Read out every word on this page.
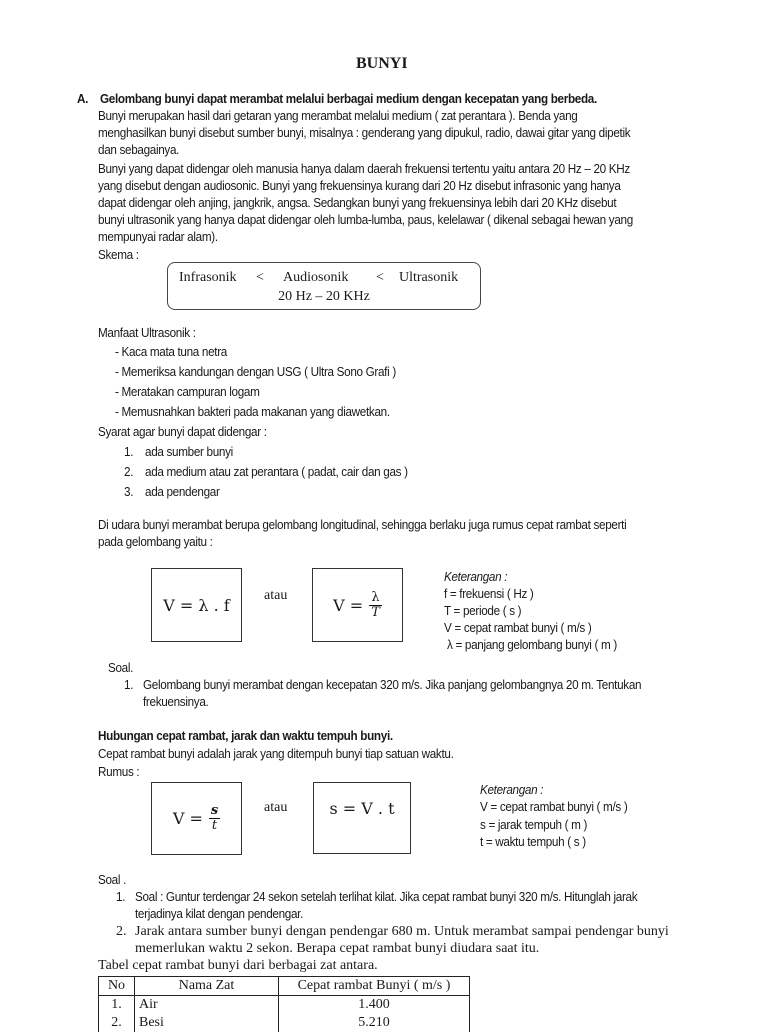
BUNYI
A. Gelombang bunyi dapat merambat melalui berbagai medium dengan kecepatan yang berbeda.
Bunyi merupakan hasil dari getaran yang merambat melalui medium ( zat perantara ). Benda yang
menghasilkan bunyi disebut sumber bunyi, misalnya : genderang yang dipukul, radio, dawai gitar yang dipetik
dan sebagainya.
Bunyi yang dapat didengar oleh manusia hanya dalam daerah frekuensi tertentu yaitu antara 20 Hz – 20 KHz
yang disebut dengan audiosonic. Bunyi yang frekuensinya kurang dari 20 Hz disebut infrasonic yang hanya
dapat didengar oleh anjing, jangkrik, angsa. Sedangkan bunyi yang frekuensinya lebih dari 20 KHz disebut
bunyi ultrasonik yang hanya dapat didengar oleh lumba-lumba, paus, kelelawar ( dikenal sebagai hewan yang
mempunyai radar alam).
Skema :
Infrasonik < Audiosonik < Ultrasonik
20 Hz – 20 KHz
Manfaat Ultrasonik :
- Kaca mata tuna netra
- Memeriksa kandungan dengan USG ( Ultra Sono Grafi )
- Meratakan campuran logam
- Memusnahkan bakteri pada makanan yang diawetkan.
Syarat agar bunyi dapat didengar :
1. ada sumber bunyi
2. ada medium atau zat perantara ( padat, cair dan gas )
3. ada pendengar
Di udara bunyi merambat berupa gelombang longitudinal, sehingga berlaku juga rumus cepat rambat seperti
pada gelombang yaitu :
V = λ . f	atau	$V = \frac{\lambda}{T}$
Keterangan :
f = frekuensi ( Hz )
T = periode ( s )
V = cepat rambat bunyi ( m/s )
λ = panjang gelombang bunyi ( m )
Soal.
1. Gelombang bunyi merambat dengan kecepatan 320 m/s. Jika panjang gelombangnya 20 m. Tentukan
frekuensinya.
Hubungan cepat rambat, jarak dan waktu tempuh bunyi.
Cepat rambat bunyi adalah jarak yang ditempuh bunyi tiap satuan waktu.
Rumus :
$V = \frac{s}{t}$	atau	s = V . t
Keterangan :
V = cepat rambat bunyi ( m/s )
s = jarak tempuh ( m )
t = waktu tempuh ( s )
Soal .
1. Soal : Guntur terdengar 24 sekon setelah terlihat kilat. Jika cepat rambat bunyi 320 m/s. Hitunglah jarak
terjadinya kilat dengan pendengar.
2. Jarak antara sumber bunyi dengan pendengar 680 m. Untuk merambat sampai pendengar bunyi
memerlukan waktu 2 sekon. Berapa cepat rambat bunyi diudara saat itu.
Tabel cepat rambat bunyi dari berbagai zat antara.
No	Nama Zat	Cepat rambat Bunyi ( m/s )
1.	Air	1.400
2.	Besi	5.210
